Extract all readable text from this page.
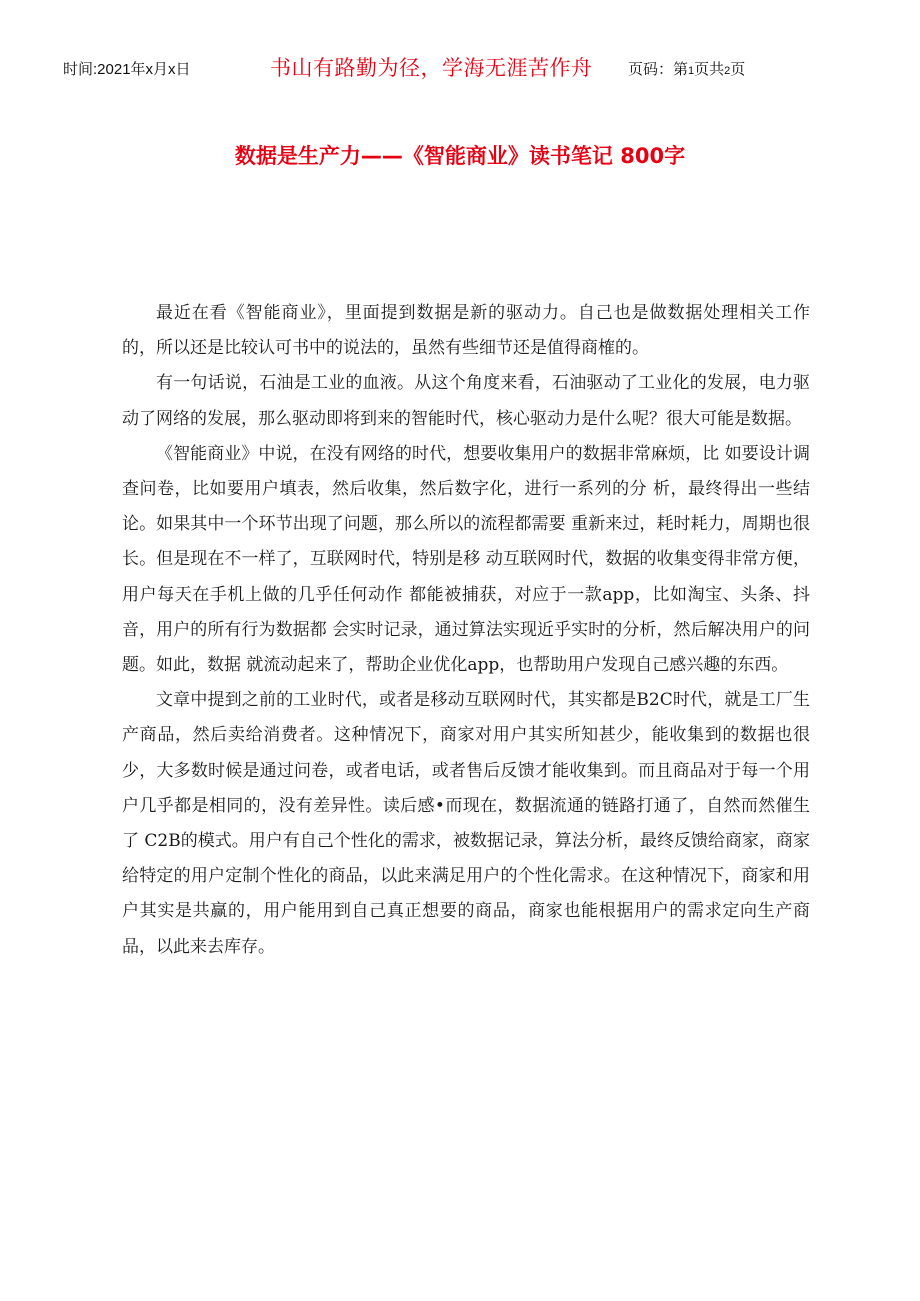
时间:2021年x月x日	书山有路勤为径，学海无涯苦作舟 页码：第1页共2页
数据是生产力——《智能商业》读书笔记 800字

最近在看《智能商业》，里面提到数据是新的驱动力。自己也是做数据处理相关工作的，所以还是比较认可书中的说法的，虽然有些细节还是值得商榷的。

有一句话说，石油是工业的血液。从这个角度来看，石油驱动了工业化的发展，电力驱动了网络的发展，那么驱动即将到来的智能时代，核心驱动力是什么呢？很大可能是数据。

《智能商业》中说，在没有网络的时代，想要收集用户的数据非常麻烦，比 如要设计调查问卷，比如要用户填表，然后收集，然后数字化，进行一系列的分 析，最终得出一些结论。如果其中一个环节出现了问题，那么所以的流程都需要 重新来过，耗时耗力，周期也很长。但是现在不一样了，互联网时代，特别是移 动互联网时代，数据的收集变得非常方便，用户每天在手机上做的几乎任何动作 都能被捕获，对应于一款app，比如淘宝、头条、抖音，用户的所有行为数据都 会实时记录，通过算法实现近乎实时的分析，然后解决用户的问题。如此，数据 就流动起来了，帮助企业优化app，也帮助用户发现自己感兴趣的东西。

文章中提到之前的工业时代，或者是移动互联网时代，其实都是B2C时代，就是工厂生产商品，然后卖给消费者。这种情况下，商家对用户其实所知甚少，能收集到的数据也很少，大多数时候是通过问卷，或者电话，或者售后反馈才能收集到。而且商品对于每一个用户几乎都是相同的，没有差异性。读后感•而现在，数据流通的链路打通了，自然而然催生了 C2B的模式。用户有自己个性化的需求，被数据记录，算法分析，最终反馈给商家，商家给特定的用户定制个性化的商品，以此来满足用户的个性化需求。在这种情况下，商家和用户其实是共赢的，用户能用到自己真正想要的商品，商家也能根据用户的需求定向生产商品，以此来去库存。
